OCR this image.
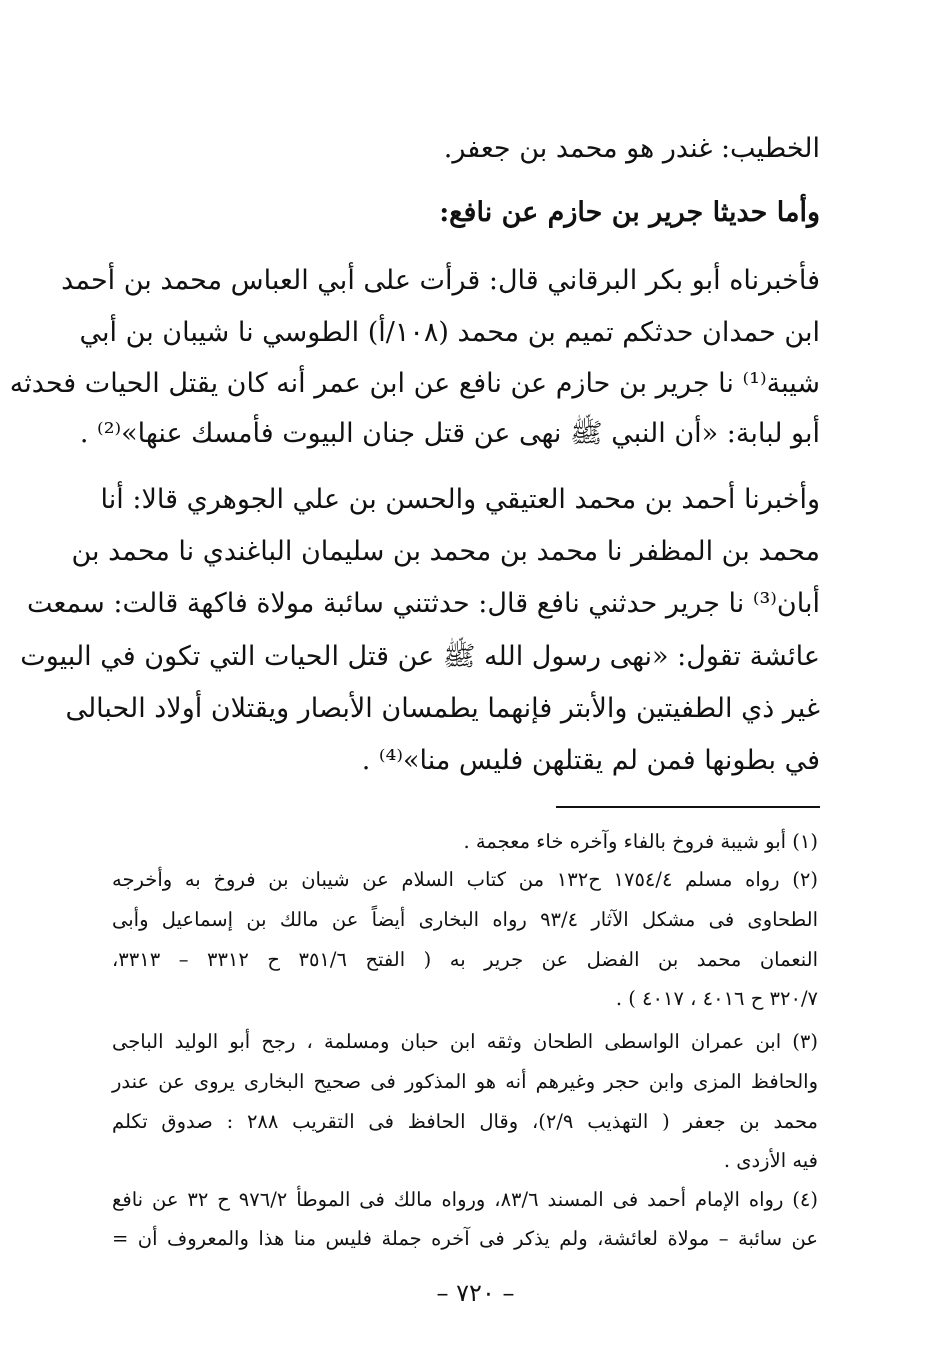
الخطيب: غندر هو محمد بن جعفر.
وأما حديثا جرير بن حازم عن نافع:
فأخبرناه أبو بكر البرقاني قال: قرأت على أبي العباس محمد بن أحمد
ابن حمدان حدثكم تميم بن محمد (١٠٨/أ) الطوسي نا شيبان بن أبي
شيبة⁽¹⁾ نا جرير بن حازم عن نافع عن ابن عمر أنه كان يقتل الحيات فحدثه
أبو لبابة: «أن النبي ﷺ نهى عن قتل جنان البيوت فأمسك عنها»⁽²⁾ .
وأخبرنا أحمد بن محمد العتيقي والحسن بن علي الجوهري قالا: أنا
محمد بن المظفر نا محمد بن محمد بن سليمان الباغندي نا محمد بن
أبان⁽³⁾ نا جرير حدثني نافع قال: حدثتني سائبة مولاة فاكهة قالت: سمعت
عائشة تقول: «نهى رسول الله ﷺ عن قتل الحيات التي تكون في البيوت
غير ذي الطفيتين والأبتر فإنهما يطمسان الأبصار ويقتلان أولاد الحبالى
في بطونها فمن لم يقتلهن فليس منا»⁽⁴⁾ .
(١) أبو شيبة فروخ بالفاء وآخره خاء معجمة .
(٢) رواه مسلم ١٧٥٤/٤ ح١٣٢ من كتاب السلام عن شيبان بن فروخ به وأخرجه
الطحاوى فى مشكل الآثار ٩٣/٤ رواه البخارى أيضاً عن مالك بن إسماعيل وأبى
النعمان محمد بن الفضل عن جرير به ( الفتح ٣٥١/٦ ح ٣٣١٢ – ٣٣١٣،
٣٢٠/٧ ح ٤٠١٦ ، ٤٠١٧ ) .
(٣) ابن عمران الواسطى الطحان وثقه ابن حبان ومسلمة ، رجح أبو الوليد الباجى
والحافظ المزى وابن حجر وغيرهم أنه هو المذكور فى صحيح البخارى يروى عن عندر
محمد بن جعفر ( التهذيب ٢/٩)، وقال الحافظ فى التقريب ٢٨٨ : صدوق تكلم
فيه الأزدى .
(٤) رواه الإمام أحمد فى المسند ٨٣/٦، ورواه مالك فى الموطأ ٩٧٦/٢ ح ٣٢ عن نافع
عن سائبة – مولاة لعائشة، ولم يذكر فى آخره جملة فليس منا هذا والمعروف أن =
– ٧٢٠ –
